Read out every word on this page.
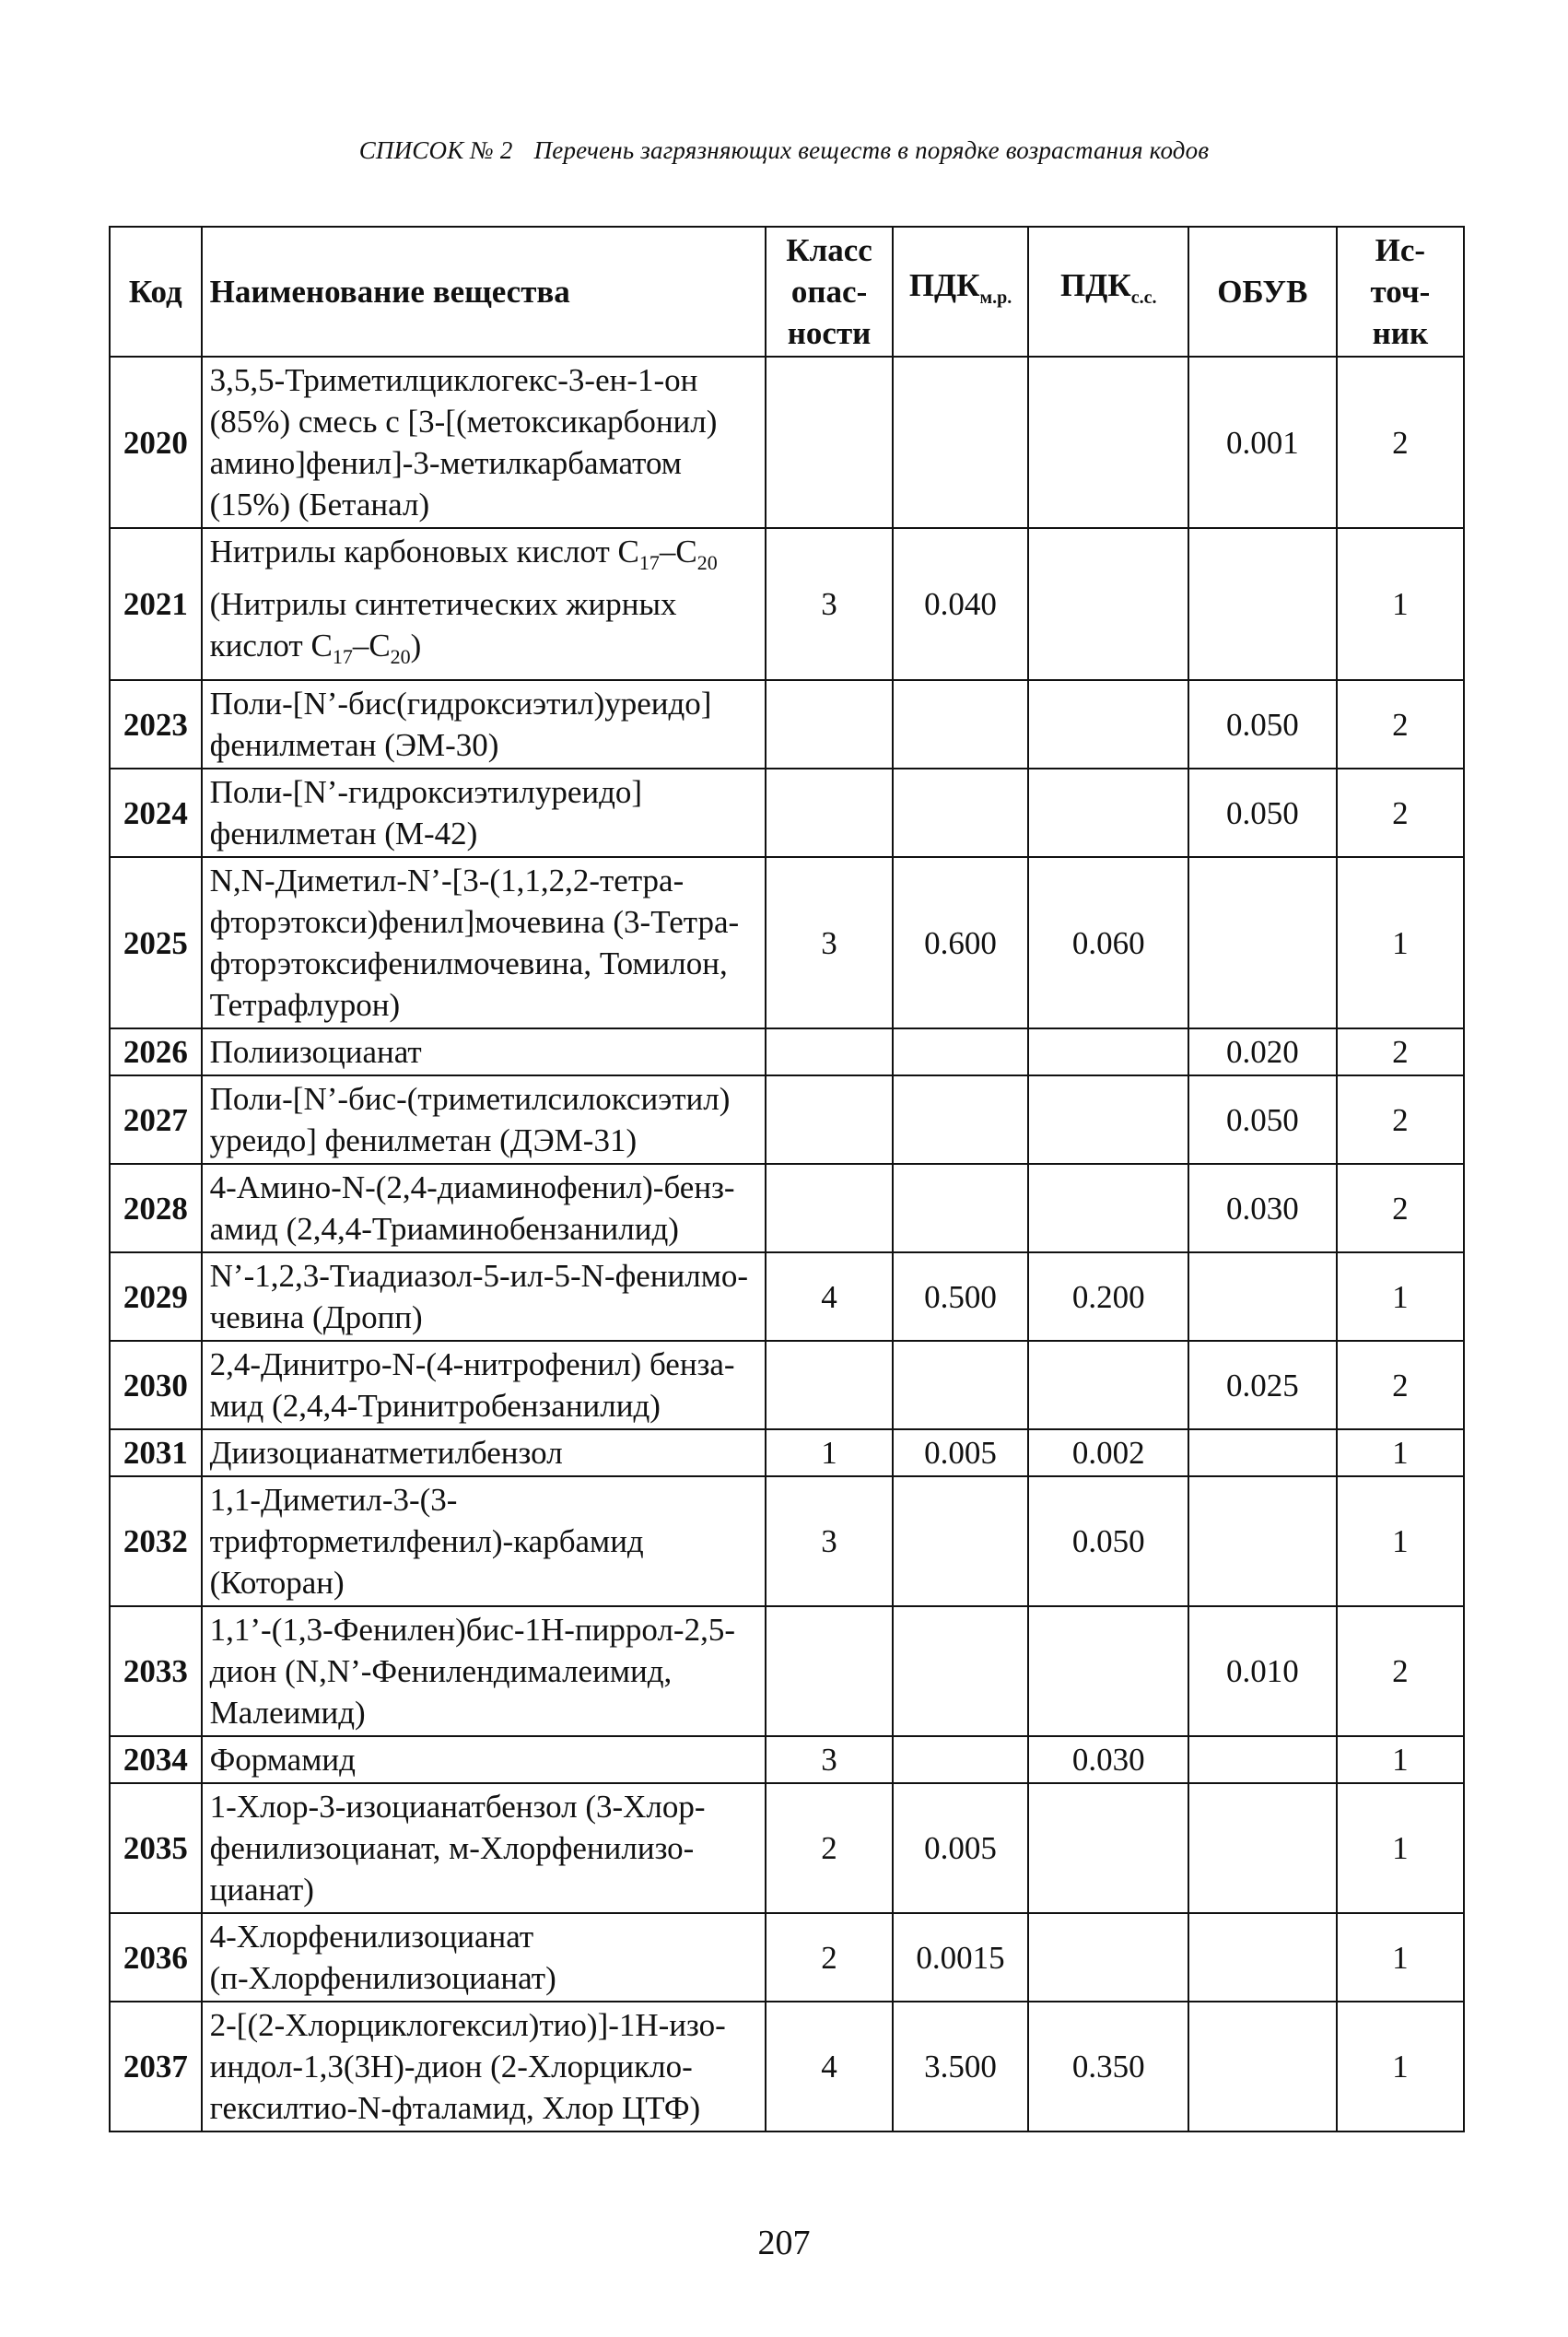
СПИСОК № 2 Перечень загрязняющих веществ в порядке возрастания кодов
Код	Наименование вещества	Класс
опас-
ности	$ПДК_{м.р.}$	$ПДК_{с.с.}$	ОБУВ	Ис-
точ-
ник
2020	3,5,5-Триметилциклогекс-3-ен-1-он
(85%) смесь с [3-[(метоксикарбонил)
амино]фенил]-3-метилкарбаматом
(15%) (Бетанал)				0.001	2
2021	Нитрилы карбоновых кислот $С_{17}-С_{20}$
(Нитрилы синтетических жирных
кислот $С_{17}-С_{20}$)	3	0.040			1
2023	Поли-[N’-бис(гидроксиэтил)уреидо]
фенилметан (ЭМ-30)				0.050	2
2024	Поли-[N’-гидроксиэтилуреидо]
фенилметан (М-42)				0.050	2
2025	N,N-Диметил-N’-[3-(1,1,2,2-тетра-
фторэтокси)фенил]мочевина (3-Тетра-
фторэтоксифенилмочевина, Томилон,
Тетрафлурон)	3	0.600	0.060		1
2026	Полиизоцианат				0.020	2
2027	Поли-[N’-бис-(триметилсилоксиэтил)
уреидо] фенилметан (ДЭМ-31)				0.050	2
2028	4-Амино-N-(2,4-диаминофенил)-бенз-
амид (2,4,4-Триаминобензанилид)				0.030	2
2029	N’-1,2,3-Тиадиазол-5-ил-5-N-фенилмо-
чевина (Дропп)	4	0.500	0.200		1
2030	2,4-Динитро-N-(4-нитрофенил) бенза-
мид (2,4,4-Тринитробензанилид)				0.025	2
2031	Диизоцианатметилбензол	1	0.005	0.002		1
2032	1,1-Диметил-3-(3-
трифторметилфенил)-карбамид
(Которан)	3		0.050		1
2033	1,1’-(1,3-Фенилен)бис-1Н-пиррол-2,5-
дион (N,N’-Фенилендималеимид,
Малеимид)				0.010	2
2034	Формамид	3		0.030		1
2035	1-Хлор-3-изоцианатбензол (3-Хлор-
фенилизоцианат, м-Хлорфенилизо-
цианат)	2	0.005			1
2036	4-Хлорфенилизоцианат
(п-Хлорфенилизоцианат)	2	0.0015			1
2037	2-[(2-Хлорциклогексил)тио)]-1Н-изо-
индол-1,3(3Н)-дион (2-Хлорцикло-
гексилтио-N-фталамид, Хлор ЦТФ)	4	3.500	0.350		1
207
